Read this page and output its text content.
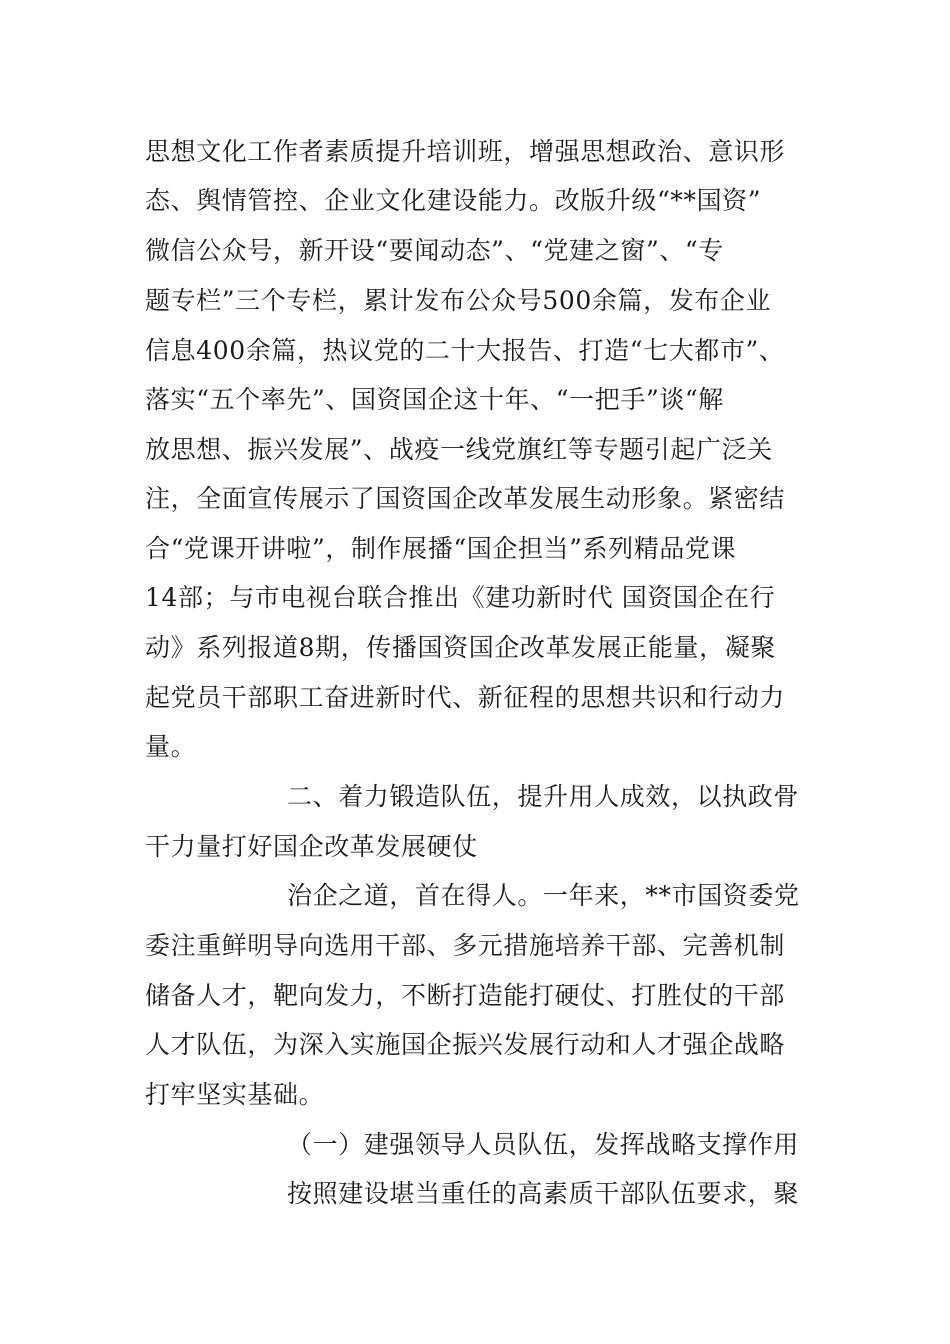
思想文化工作者素质提升培训班，增强思想政治、意识形
态、舆情管控、企业文化建设能力。改版升级“**国资”
微信公众号，新开设“要闻动态”、“党建之窗”、“专
题专栏”三个专栏，累计发布公众号500余篇，发布企业
信息400余篇，热议党的二十大报告、打造“七大都市”、
落实“五个率先”、国资国企这十年、“一把手”谈“解
放思想、振兴发展”、战疫一线党旗红等专题引起广泛关
注，全面宣传展示了国资国企改革发展生动形象。紧密结
合“党课开讲啦”，制作展播“国企担当”系列精品党课
14部；与市电视台联合推出《建功新时代 国资国企在行
动》系列报道8期，传播国资国企改革发展正能量，凝聚
起党员干部职工奋进新时代、新征程的思想共识和行动力
量。
二、着力锻造队伍，提升用人成效，以执政骨
干力量打好国企改革发展硬仗
治企之道，首在得人。一年来，**市国资委党
委注重鲜明导向选用干部、多元措施培养干部、完善机制
储备人才，靶向发力，不断打造能打硬仗、打胜仗的干部
人才队伍，为深入实施国企振兴发展行动和人才强企战略
打牢坚实基础。
（一）建强领导人员队伍，发挥战略支撑作用
按照建设堪当重任的高素质干部队伍要求，聚
